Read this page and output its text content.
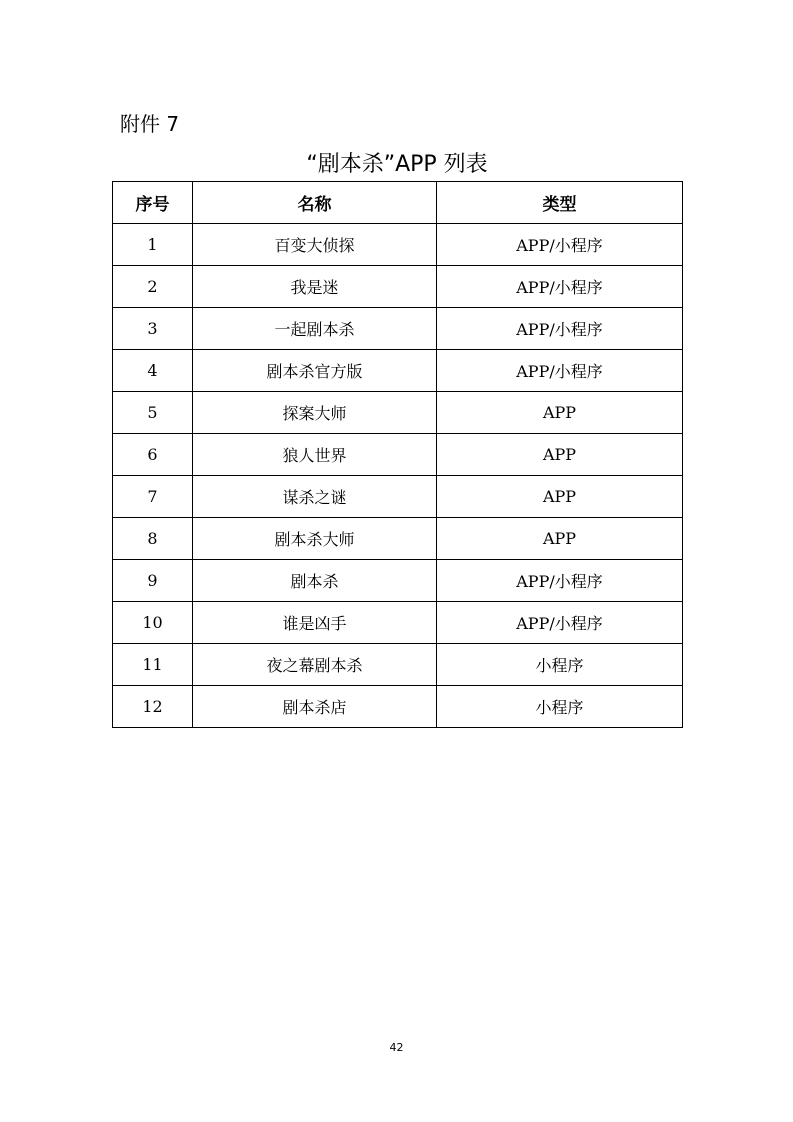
附件 7
“剧本杀”APP 列表
序号	名称	类型
1	百变大侦探	APP/小程序
2	我是迷	APP/小程序
3	一起剧本杀	APP/小程序
4	剧本杀官方版	APP/小程序
5	探案大师	APP
6	狼人世界	APP
7	谋杀之谜	APP
8	剧本杀大师	APP
9	剧本杀	APP/小程序
10	谁是凶手	APP/小程序
11	夜之幕剧本杀	小程序
12	剧本杀店	小程序
42
